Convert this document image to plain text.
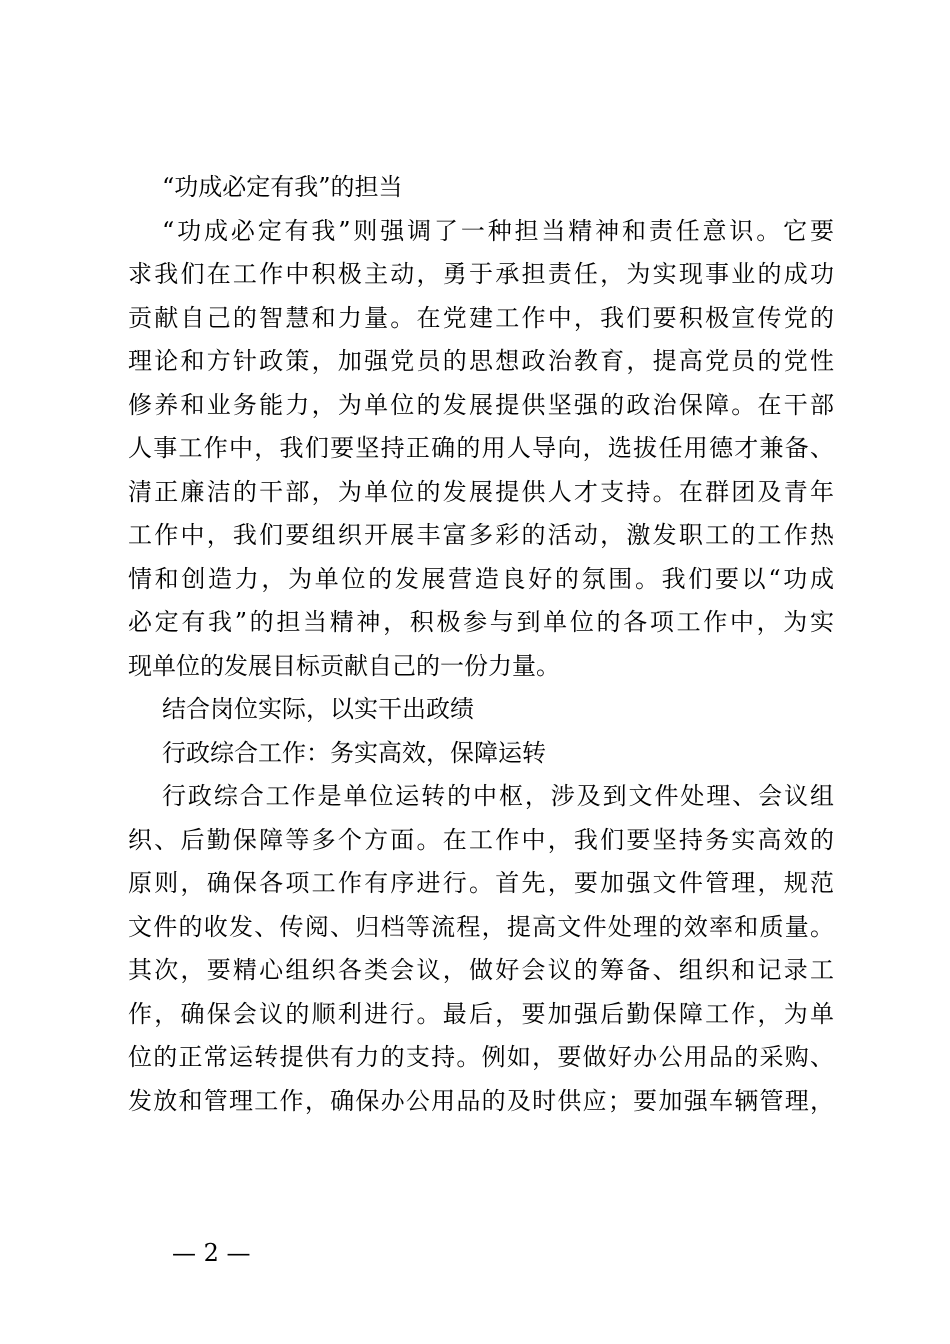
“功成必定有我”的担当
“功成必定有我”则强调了一种担当精神和责任意识。它要
求我们在工作中积极主动，勇于承担责任，为实现事业的成功
贡献自己的智慧和力量。在党建工作中，我们要积极宣传党的
理论和方针政策，加强党员的思想政治教育，提高党员的党性
修养和业务能力，为单位的发展提供坚强的政治保障。在干部
人事工作中，我们要坚持正确的用人导向，选拔任用德才兼备、
清正廉洁的干部，为单位的发展提供人才支持。在群团及青年
工作中，我们要组织开展丰富多彩的活动，激发职工的工作热
情和创造力，为单位的发展营造良好的氛围。我们要以“功成
必定有我”的担当精神，积极参与到单位的各项工作中，为实
现单位的发展目标贡献自己的一份力量。
结合岗位实际，以实干出政绩
行政综合工作：务实高效，保障运转
行政综合工作是单位运转的中枢，涉及到文件处理、会议组
织、后勤保障等多个方面。在工作中，我们要坚持务实高效的
原则，确保各项工作有序进行。首先，要加强文件管理，规范
文件的收发、传阅、归档等流程，提高文件处理的效率和质量。
其次，要精心组织各类会议，做好会议的筹备、组织和记录工
作，确保会议的顺利进行。最后，要加强后勤保障工作，为单
位的正常运转提供有力的支持。例如，要做好办公用品的采购、
发放和管理工作，确保办公用品的及时供应；要加强车辆管理，
— 2 —
